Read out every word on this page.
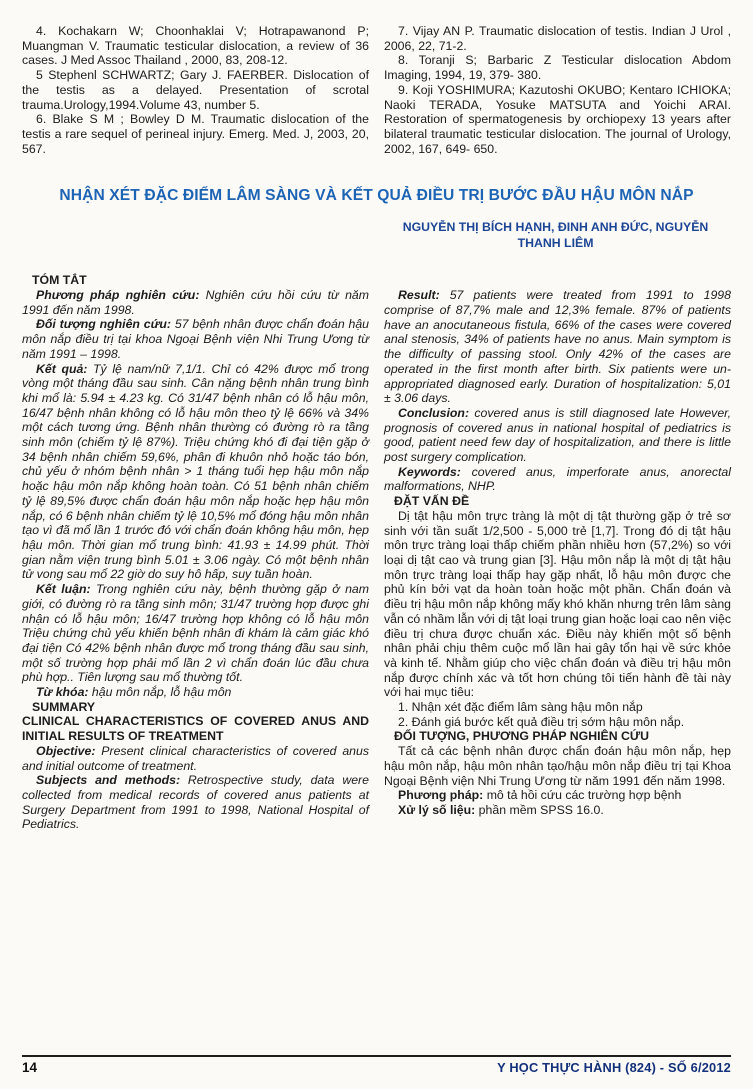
4. Kochakarn W; Choonhaklai V; Hotrapawanond P; Muangman V. Traumatic testicular dislocation, a review of 36 cases. J Med Assoc Thailand , 2000, 83, 208-12.

5 Stephenl SCHWARTZ; Gary J. FAERBER. Dislocation of the testis as a delayed. Presentation of scrotal trauma.Urology,1994.Volume 43, number 5.

6. Blake S M ; Bowley D M. Traumatic dislocation of the testis a rare sequel of perineal injury. Emerg. Med. J, 2003, 20, 567.

7. Vijay AN P. Traumatic dislocation of testis. Indian J Urol , 2006, 22, 71-2.

8. Toranji S; Barbaric Z Testicular dislocation Abdom Imaging, 1994, 19, 379- 380.

9. Koji YOSHIMURA; Kazutoshi OKUBO; Kentaro ICHIOKA; Naoki TERADA, Yosuke MATSUTA and Yoichi ARAI. Restoration of spermatogenesis by orchiopexy 13 years after bilateral traumatic testicular dislocation. The journal of Urology, 2002, 167, 649- 650.

NHẬN XÉT ĐẶC ĐIỂM LÂM SÀNG VÀ KẾT QUẢ ĐIỀU TRỊ BƯỚC ĐẦU HẬU MÔN NẮP
NGUYỄN THỊ BÍCH HẠNH, ĐINH ANH ĐỨC, NGUYỄN THANH LIÊM

TÓM TẮT

Phương pháp nghiên cứu: Nghiên cứu hồi cứu từ năm 1991 đến năm 1998.

Đối tượng nghiên cứu: 57 bệnh nhân được chẩn đoán hậu môn nắp điều trị tại khoa Ngoại Bệnh viện Nhi Trung Ương từ năm 1991 – 1998.

Kết quả: Tỷ lệ nam/nữ 7,1/1. Chỉ có 42% được mổ trong vòng một tháng đầu sau sinh. Cân nặng bệnh nhân trung bình khi mổ là: 5.94 ± 4.23 kg. Có 31/47 bệnh nhân có lỗ hậu môn, 16/47 bệnh nhân không có lỗ hậu môn theo tỷ lệ 66% và 34% một cách tương ứng. Bệnh nhân thường có đường rò ra tầng sinh môn (chiếm tỷ lệ 87%). Triệu chứng khó đi đại tiện gặp ở 34 bệnh nhân chiếm 59,6%, phân đi khuôn nhỏ hoặc táo bón, chủ yếu ở nhóm bệnh nhân > 1 tháng tuổi hẹp hậu môn nắp hoặc hậu môn nắp không hoàn toàn. Có 51 bệnh nhân chiếm tỷ lệ 89,5% được chẩn đoán hậu môn nắp hoặc hẹp hậu môn nắp, có 6 bệnh nhân chiếm tỷ lệ 10,5% mổ đóng hậu môn nhân tạo vì đã mổ lần 1 trước đó với chẩn đoán không hậu môn, hẹp hậu môn. Thời gian mổ trung bình: 41.93 ± 14.99 phút. Thời gian nằm viện trung bình 5.01 ± 3.06 ngày. Có một bệnh nhân tử vong sau mổ 22 giờ do suy hô hấp, suy tuần hoàn.

Kết luận: Trong nghiên cứu này, bệnh thường gặp ở nam giới, có đường rò ra tầng sinh môn; 31/47 trường hợp được ghi nhận có lỗ hậu môn; 16/47 trường hợp không có lỗ hậu môn Triệu chứng chủ yếu khiến bệnh nhân đi khám là cảm giác khó đại tiện Có 42% bệnh nhân được mổ trong tháng đầu sau sinh, một số trường hợp phải mổ lần 2 vì chẩn đoán lúc đầu chưa phù hợp.. Tiên lượng sau mổ thường tốt.

Từ khóa: hậu môn nắp, lỗ hậu môn

SUMMARY

CLINICAL CHARACTERISTICS OF COVERED ANUS AND INITIAL RESULTS OF TREATMENT

Objective: Present clinical characteristics of covered anus and initial outcome of treatment.

Subjects and methods: Retrospective study, data were collected from medical records of covered anus patients at Surgery Department from 1991 to 1998, National Hospital of Pediatrics.

Result: 57 patients were treated from 1991 to 1998 comprise of 87,7% male and 12,3% female. 87% of patients have an anocutaneous fistula, 66% of the cases were covered anal stenosis, 34% of patients have no anus. Main symptom is the difficulty of passing stool. Only 42% of the cases are operated in the first month after birth. Six patients were un-appropriated diagnosed early. Duration of hospitalization: 5,01 ± 3.06 days.

Conclusion: covered anus is still diagnosed late However, prognosis of covered anus in national hospital of pediatrics is good, patient need few day of hospitalization, and there is little post surgery complication.

Keywords: covered anus, imperforate anus, anorectal malformations, NHP.

ĐẶT VẤN ĐỀ

Dị tật hậu môn trực tràng là một dị tật thường gặp ở trẻ sơ sinh với tần suất 1/2,500 - 5,000 trẻ [1,7]. Trong đó dị tật hậu môn trực tràng loại thấp chiếm phần nhiều hơn (57,2%) so với loại dị tật cao và trung gian [3]. Hậu môn nắp là một dị tật hậu môn trực tràng loại thấp hay gặp nhất, lỗ hậu môn được che phủ kín bởi vạt da hoàn toàn hoặc một phần. Chẩn đoán và điều trị hậu môn nắp không mấy khó khăn nhưng trên lâm sàng vẫn có nhầm lẫn với dị tật loại trung gian hoặc loại cao nên việc điều trị chưa được chuẩn xác. Điều này khiến một số bệnh nhân phải chịu thêm cuộc mổ lần hai gây tổn hại về sức khỏe và kinh tế. Nhằm giúp cho việc chẩn đoán và điều trị hậu môn nắp được chính xác và tốt hơn chúng tôi tiến hành đề tài này với hai mục tiêu:

1. Nhận xét đặc điểm lâm sàng hậu môn nắp

2. Đánh giá bước kết quả điều trị sớm hậu môn nắp.

ĐỐI TƯỢNG, PHƯƠNG PHÁP NGHIÊN CỨU

Tất cả các bệnh nhân được chẩn đoán hậu môn nắp, hẹp hậu môn nắp, hậu môn nhân tạo/hậu môn nắp điều trị tại Khoa Ngoại Bệnh viện Nhi Trung Ương từ năm 1991 đến năm 1998.

Phương pháp: mô tả hồi cứu các trường hợp bệnh

Xử lý số liệu: phần mềm SPSS 16.0.

14	Y HỌC THỰC HÀNH (824) - SỐ 6/2012
